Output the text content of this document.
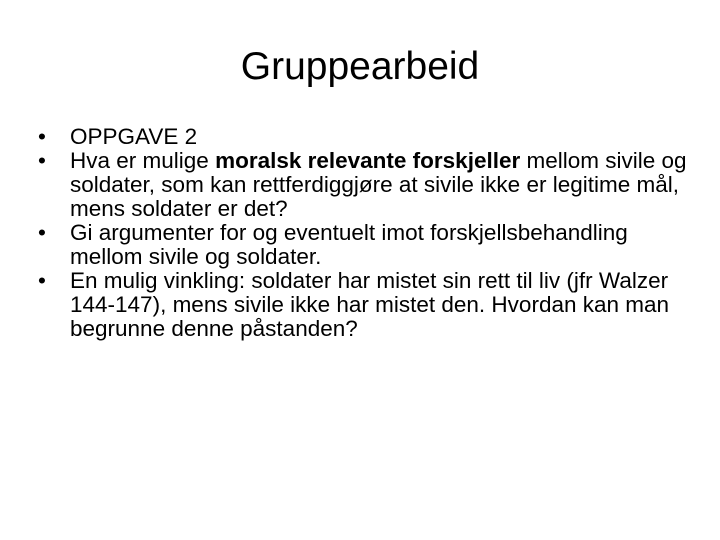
Gruppearbeid
•	OPPGAVE 2
•	Hva er mulige moralsk relevante forskjeller mellom sivile og soldater, som kan rettferdiggjøre at sivile ikke er legitime mål, mens soldater er det?
•	Gi argumenter for og eventuelt imot forskjellsbehandling mellom sivile og soldater.
•	En mulig vinkling: soldater har mistet sin rett til liv (jfr Walzer 144-147), mens sivile ikke har mistet den. Hvordan kan man begrunne denne påstanden?
